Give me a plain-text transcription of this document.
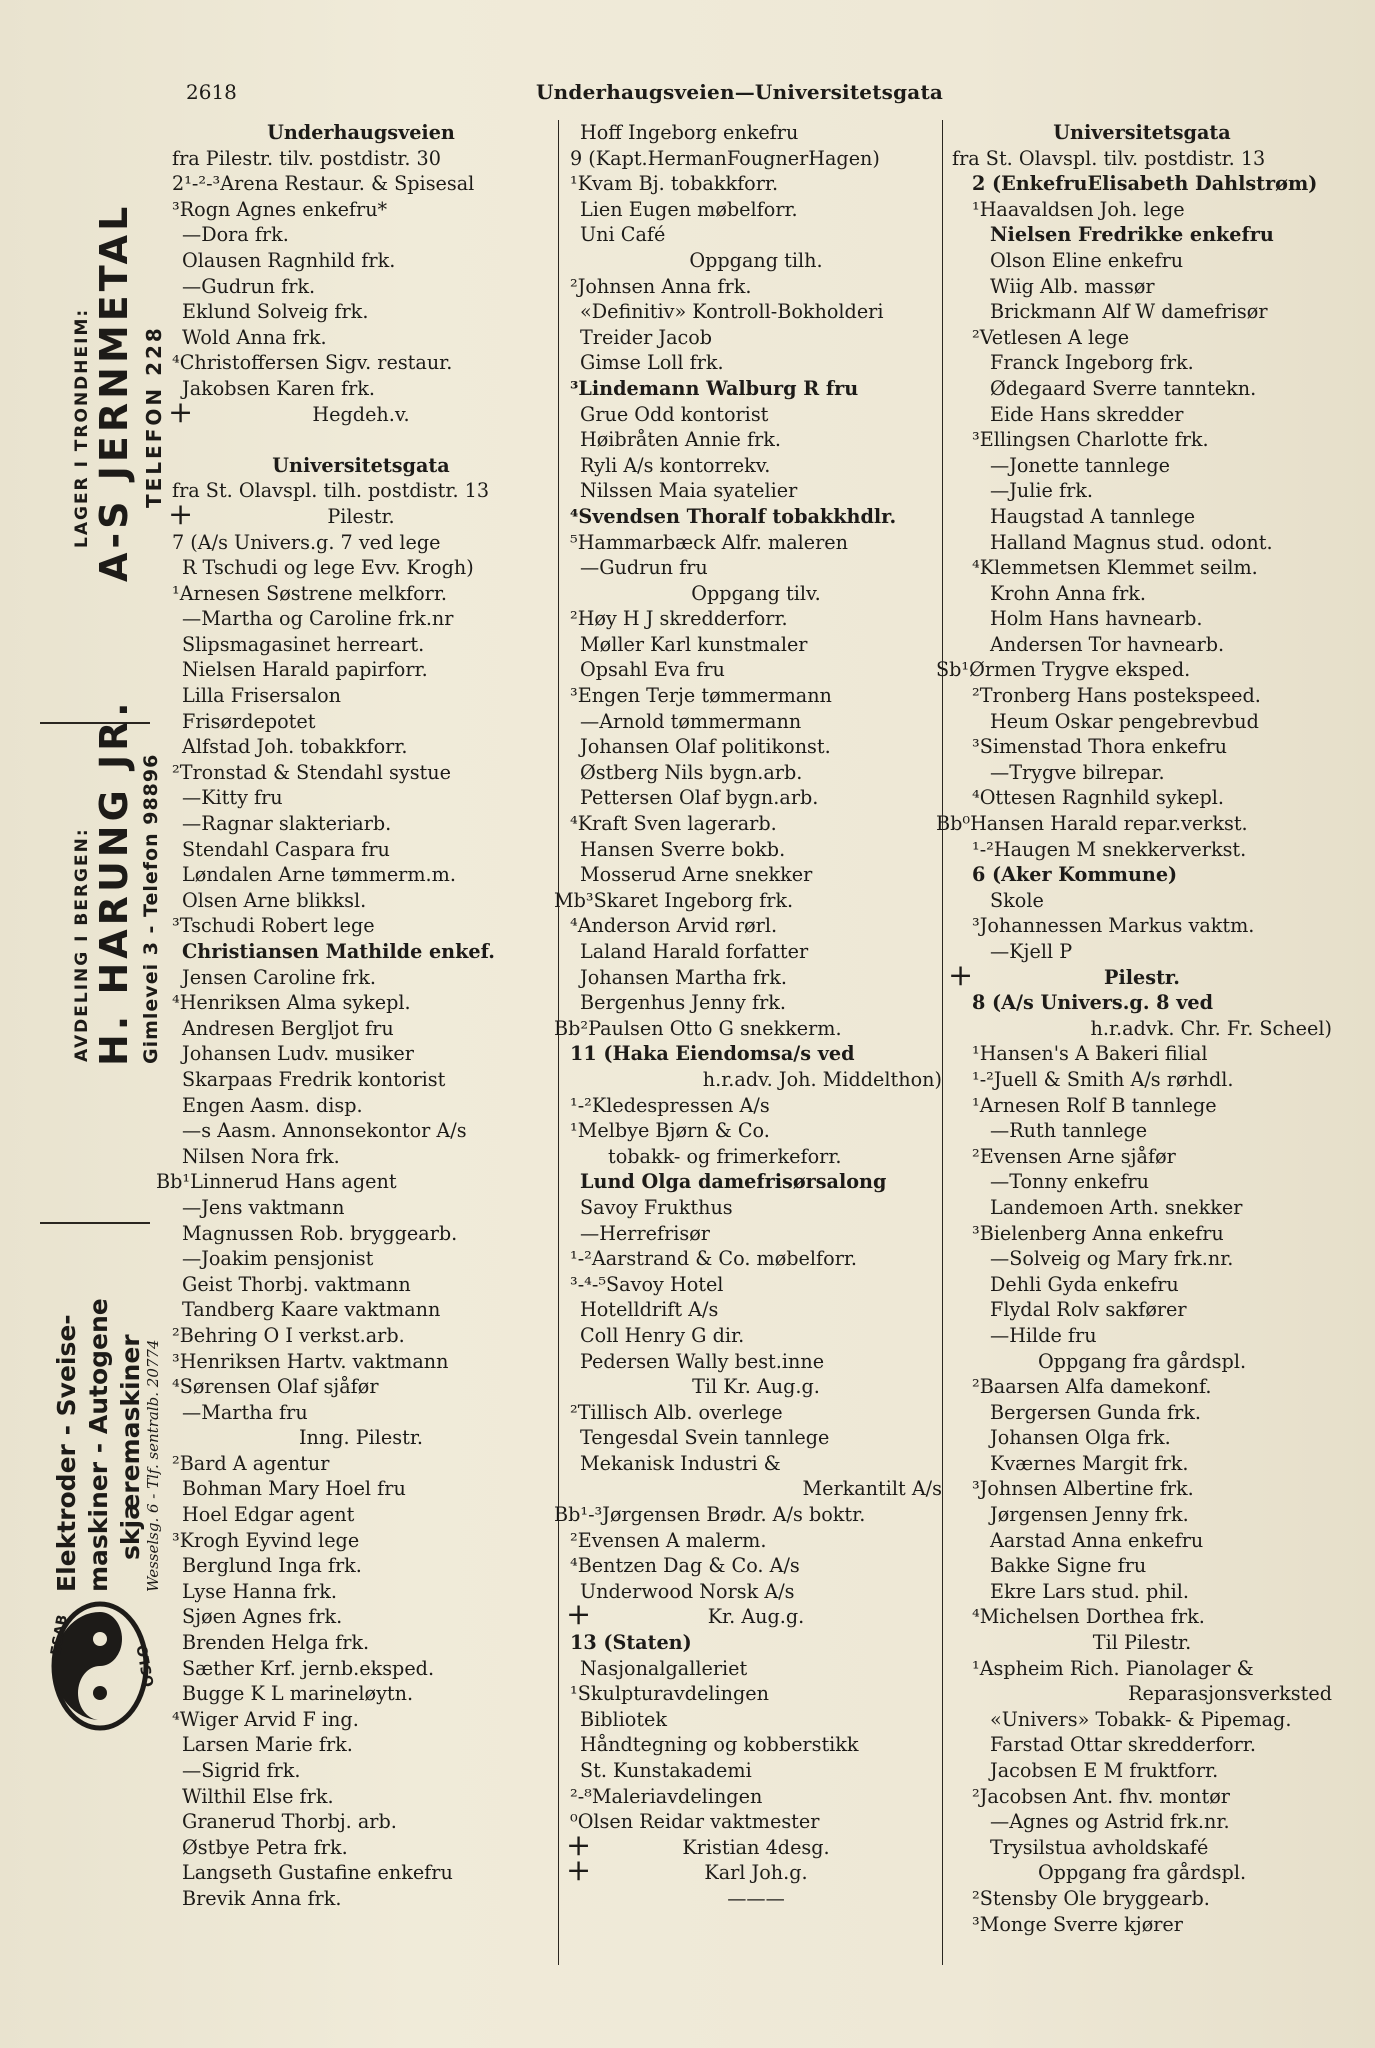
2618	Underhaugsveien—Universitetsgata
LAGER I TRONDHEIM: A-S JERNMETAL TELEFON 228
AVDELING I BERGEN: H. HARUNG JR. Gimlevei 3 - Telefon 98896
Elektroder - Sveise- maskiner - Autogene skjæremaskiner Wesselsg. 6 - Tlf. sentralb. 20774
ESAB
OSLO
Underhaugsveien
fra Pilestr. tilv. postdistr. 30
2¹-²-³Arena Restaur. & Spisesal
³Rogn Agnes enkefru*
—Dora frk.
Olausen Ragnhild frk.
—Gudrun frk.
Eklund Solveig frk.
Wold Anna frk.
⁴Christoffersen Sigv. restaur.
Jakobsen Karen frk.
+	Hegdeh.v.
Universitetsgata
fra St. Olavspl. tilh. postdistr. 13
+	Pilestr.
7 (A/s Univers.g. 7 ved lege
R Tschudi og lege Evv. Krogh)
¹Arnesen Søstrene melkforr.
—Martha og Caroline frk.nr
Slipsmagasinet herreart.
Nielsen Harald papirforr.
Lilla Frisersalon
Frisørdepotet
Alfstad Joh. tobakkforr.
²Tronstad & Stendahl systue
—Kitty fru
—Ragnar slakteriarb.
Stendahl Caspara fru
Løndalen Arne tømmerm.m.
Olsen Arne blikksl.
³Tschudi Robert lege
Christiansen Mathilde enkef.
Jensen Caroline frk.
⁴Henriksen Alma sykepl.
Andresen Bergljot fru
Johansen Ludv. musiker
Skarpaas Fredrik kontorist
Engen Aasm. disp.
—s Aasm. Annonsekontor A/s
Nilsen Nora frk.
Bb¹Linnerud Hans agent
—Jens vaktmann
Magnussen Rob. bryggearb.
—Joakim pensjonist
Geist Thorbj. vaktmann
Tandberg Kaare vaktmann
²Behring O I verkst.arb.
³Henriksen Hartv. vaktmann
⁴Sørensen Olaf sjåfør
—Martha fru
Inng. Pilestr.
²Bard A agentur
Bohman Mary Hoel fru
Hoel Edgar agent
³Krogh Eyvind lege
Berglund Inga frk.
Lyse Hanna frk.
Sjøen Agnes frk.
Brenden Helga frk.
Sæther Krf. jernb.eksped.
Bugge K L marineløytn.
⁴Wiger Arvid F ing.
Larsen Marie frk.
—Sigrid frk.
Wilthil Else frk.
Granerud Thorbj. arb.
Østbye Petra frk.
Langseth Gustafine enkefru
Brevik Anna frk.
Hoff Ingeborg enkefru
9 (Kapt.HermanFougnerHagen)
¹Kvam Bj. tobakkforr.
Lien Eugen møbelforr.
Uni Café
Oppgang tilh.
²Johnsen Anna frk.
«Definitiv» Kontroll-Bokholderi
Treider Jacob
Gimse Loll frk.
³Lindemann Walburg R fru
Grue Odd kontorist
Høibråten Annie frk.
Ryli A/s kontorrekv.
Nilssen Maia syatelier
⁴Svendsen Thoralf tobakkhdlr.
⁵Hammarbæck Alfr. maleren
—Gudrun fru
Oppgang tilv.
²Høy H J skredderforr.
Møller Karl kunstmaler
Opsahl Eva fru
³Engen Terje tømmermann
—Arnold tømmermann
Johansen Olaf politikonst.
Østberg Nils bygn.arb.
Pettersen Olaf bygn.arb.
⁴Kraft Sven lagerarb.
Hansen Sverre bokb.
Mosserud Arne snekker
Mb³Skaret Ingeborg frk.
⁴Anderson Arvid rørl.
Laland Harald forfatter
Johansen Martha frk.
Bergenhus Jenny frk.
Bb²Paulsen Otto G snekkerm.
11 (Haka Eiendomsa/s ved
h.r.adv. Joh. Middelthon)
¹-²Kledespressen A/s
¹Melbye Bjørn & Co.
tobakk- og frimerkeforr.
Lund Olga damefrisørsalong
Savoy Frukthus
—Herrefrisør
¹-²Aarstrand & Co. møbelforr.
³-⁴-⁵Savoy Hotel
Hotelldrift A/s
Coll Henry G dir.
Pedersen Wally best.inne
Til Kr. Aug.g.
²Tillisch Alb. overlege
Tengesdal Svein tannlege
Mekanisk Industri &
Merkantilt A/s
Bb¹-³Jørgensen Brødr. A/s boktr.
²Evensen A malerm.
⁴Bentzen Dag & Co. A/s
Underwood Norsk A/s
+	Kr. Aug.g.
13 (Staten)
Nasjonalgalleriet
¹Skulpturavdelingen
Bibliotek
Håndtegning og kobberstikk
St. Kunstakademi
²-⁸Maleriavdelingen
⁰Olsen Reidar vaktmester
+	Kristian 4desg.
+	Karl Joh.g.
———
Universitetsgata
fra St. Olavspl. tilv. postdistr. 13
2 (EnkefruElisabeth Dahlstrøm)
¹Haavaldsen Joh. lege
Nielsen Fredrikke enkefru
Olson Eline enkefru
Wiig Alb. massør
Brickmann Alf W damefrisør
²Vetlesen A lege
Franck Ingeborg frk.
Ødegaard Sverre tanntekn.
Eide Hans skredder
³Ellingsen Charlotte frk.
—Jonette tannlege
—Julie frk.
Haugstad A tannlege
Halland Magnus stud. odont.
⁴Klemmetsen Klemmet seilm.
Krohn Anna frk.
Holm Hans havnearb.
Andersen Tor havnearb.
Sb¹Ørmen Trygve eksped.
²Tronberg Hans postekspeed.
Heum Oskar pengebrevbud
³Simenstad Thora enkefru
—Trygve bilrepar.
⁴Ottesen Ragnhild sykepl.
Bb⁰Hansen Harald repar.verkst.
¹-²Haugen M snekkerverkst.
6 (Aker Kommune)
Skole
³Johannessen Markus vaktm.
—Kjell P
+	Pilestr.
8 (A/s Univers.g. 8 ved
h.r.advk. Chr. Fr. Scheel)
¹Hansen's A Bakeri filial
¹-²Juell & Smith A/s rørhdl.
¹Arnesen Rolf B tannlege
—Ruth tannlege
²Evensen Arne sjåfør
—Tonny enkefru
Landemoen Arth. snekker
³Bielenberg Anna enkefru
—Solveig og Mary frk.nr.
Dehli Gyda enkefru
Flydal Rolv sakfører
—Hilde fru
Oppgang fra gårdspl.
²Baarsen Alfa damekonf.
Bergersen Gunda frk.
Johansen Olga frk.
Kværnes Margit frk.
³Johnsen Albertine frk.
Jørgensen Jenny frk.
Aarstad Anna enkefru
Bakke Signe fru
Ekre Lars stud. phil.
⁴Michelsen Dorthea frk.
Til Pilestr.
¹Aspheim Rich. Pianolager &
Reparasjonsverksted
«Univers» Tobakk- & Pipemag.
Farstad Ottar skredderforr.
Jacobsen E M fruktforr.
²Jacobsen Ant. fhv. montør
—Agnes og Astrid frk.nr.
Trysilstua avholdskafé
Oppgang fra gårdspl.
²Stensby Ole bryggearb.
³Monge Sverre kjører
